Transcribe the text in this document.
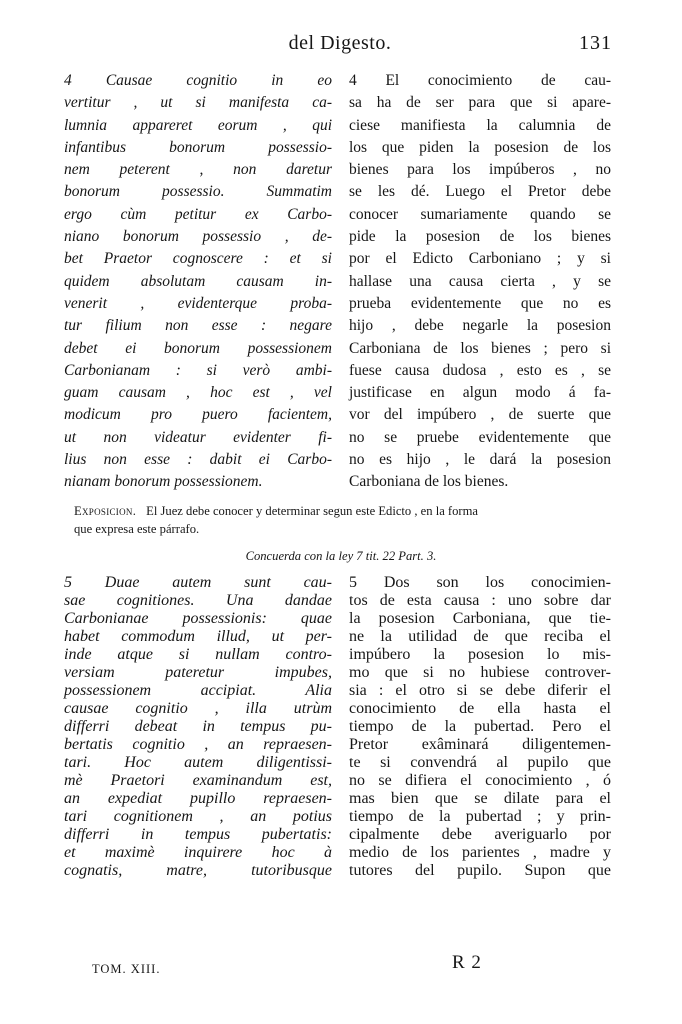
del Digesto.	131
4 Causae cognitio in eo
vertitur , ut si manifesta ca-
lumnia appareret eorum , qui
infantibus bonorum possessio-
nem peterent , non daretur
bonorum possessio. Summatim
ergo cùm petitur ex Carbo-
niano bonorum possessio , de-
bet Praetor cognoscere : et si
quidem absolutam causam in-
venerit , evidenterque proba-
tur filium non esse : negare
debet ei bonorum possessionem
Carbonianam : si verò ambi-
guam causam , hoc est , vel
modicum pro puero facientem,
ut non videatur evidenter fi-
lius non esse : dabit ei Carbo-
nianam bonorum possessionem.
4 El conocimiento de cau-
sa ha de ser para que si apare-
ciese manifiesta la calumnia de
los que piden la posesion de los
bienes para los impúberos , no
se les dé. Luego el Pretor debe
conocer sumariamente quando se
pide la posesion de los bienes
por el Edicto Carboniano ; y si
hallase una causa cierta , y se
prueba evidentemente que no es
hijo , debe negarle la posesion
Carboniana de los bienes ; pero si
fuese causa dudosa , esto es , se
justificase en algun modo á fa-
vor del impúbero , de suerte que
no se pruebe evidentemente que
no es hijo , le dará la posesion
Carboniana de los bienes.
Exposicion. El Juez debe conocer y determinar segun este Edicto , en la forma
que expresa este párrafo.
Concuerda con la ley 7 tit. 22 Part. 3.
5 Duae autem sunt cau-
sae cognitiones. Una dandae
Carbonianae possessionis: quae
habet commodum illud, ut per-
inde atque si nullam contro-
versiam pateretur impubes,
possessionem accipiat. Alia
causae cognitio , illa utrùm
differri debeat in tempus pu-
bertatis cognitio , an repraesen-
tari. Hoc autem diligentissi-
mè Praetori examinandum est,
an expediat pupillo repraesen-
tari cognitionem , an potius
differri in tempus pubertatis:
et maximè inquirere hoc à
cognatis, matre, tutoribusque
5 Dos son los conocimien-
tos de esta causa : uno sobre dar
la posesion Carboniana, que tie-
ne la utilidad de que reciba el
impúbero la posesion lo mis-
mo que si no hubiese controver-
sia : el otro si se debe diferir el
conocimiento de ella hasta el
tiempo de la pubertad. Pero el
Pretor exâminará diligentemen-
te si convendrá al pupilo que
no se difiera el conocimiento , ó
mas bien que se dilate para el
tiempo de la pubertad ; y prin-
cipalmente debe averiguarlo por
medio de los parientes , madre y
tutores del pupilo. Supon que
TOM. XIII.	R 2
